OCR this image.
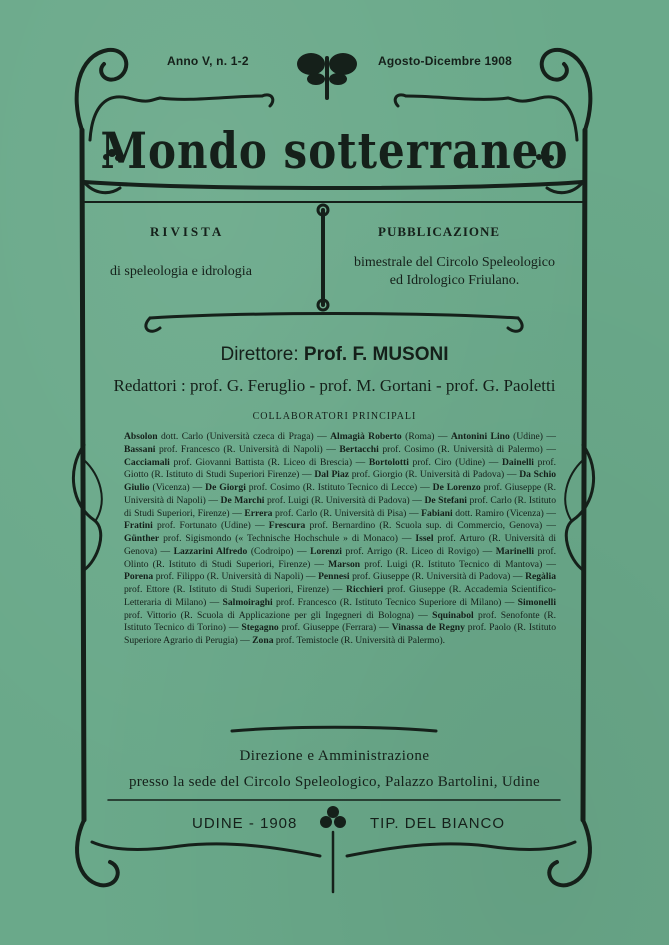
Anno V, n. 1-2	Agosto-Dicembre 1908
Mondo sotterraneo
RIVISTA
di speleologia e idrologia
PUBBLICAZIONE
bimestrale del Circolo Speleologico ed Idrologico Friulano.
Direttore: Prof. F. MUSONI
Redattori : prof. G. Feruglio - prof. M. Gortani - prof. G. Paoletti
COLLABORATORI PRINCIPALI
Absolon dott. Carlo (Università czeca di Praga) — Almagià Roberto (Roma) — Antonini Lino (Udine) — Bassani prof. Francesco (R. Università di Napoli) — Bertacchi prof. Cosimo (R. Università di Palermo) — Cacciamali prof. Giovanni Battista (R. Liceo di Brescia) — Bortolotti prof. Ciro (Udine) — Dainelli prof. Giotto (R. Istituto di Studi Superiori Firenze) — Dal Piaz prof. Giorgio (R. Università di Padova) — Da Schio Giulio (Vicenza) — De Giorgi prof. Cosimo (R. Istituto Tecnico di Lecce) — De Lorenzo prof. Giuseppe (R. Università di Napoli) — De Marchi prof. Luigi (R. Università di Padova) — De Stefani prof. Carlo (R. Istituto di Studi Superiori, Firenze) — Errera prof. Carlo (R. Università di Pisa) — Fabiani dott. Ramiro (Vicenza) — Fratini prof. Fortunato (Udine) — Frescura prof. Bernardino (R. Scuola sup. di Commercio, Genova) — Günther prof. Sigismondo (« Technische Hochschule » di Monaco) — Issel prof. Arturo (R. Università di Genova) — Lazzarini Alfredo (Codroipo) — Lorenzi prof. Arrigo (R. Liceo di Rovigo) — Marinelli prof. Olinto (R. Istituto di Studi Superiori, Firenze) — Marson prof. Luigi (R. Istituto Tecnico di Mantova) — Porena prof. Filippo (R. Università di Napoli) — Pennesi prof. Giuseppe (R. Università di Padova) — Regàlia prof. Ettore (R. Istituto di Studi Superiori, Firenze) — Ricchieri prof. Giuseppe (R. Accademia Scientifico-Letteraria di Milano) — Salmoiraghi prof. Francesco (R. Istituto Tecnico Superiore di Milano) — Simonelli prof. Vittorio (R. Scuola di Applicazione per gli Ingegneri di Bologna) — Squinabol prof. Senofonte (R. Istituto Tecnico di Torino) — Stegagno prof. Giuseppe (Ferrara) — Vinassa de Regny prof. Paolo (R. Istituto Superiore Agrario di Perugia) — Zona prof. Temistocle (R. Università di Palermo).
Direzione e Amministrazione
presso la sede del Circolo Speleologico, Palazzo Bartolini, Udine
UDINE - 1908	TIP. DEL BIANCO
